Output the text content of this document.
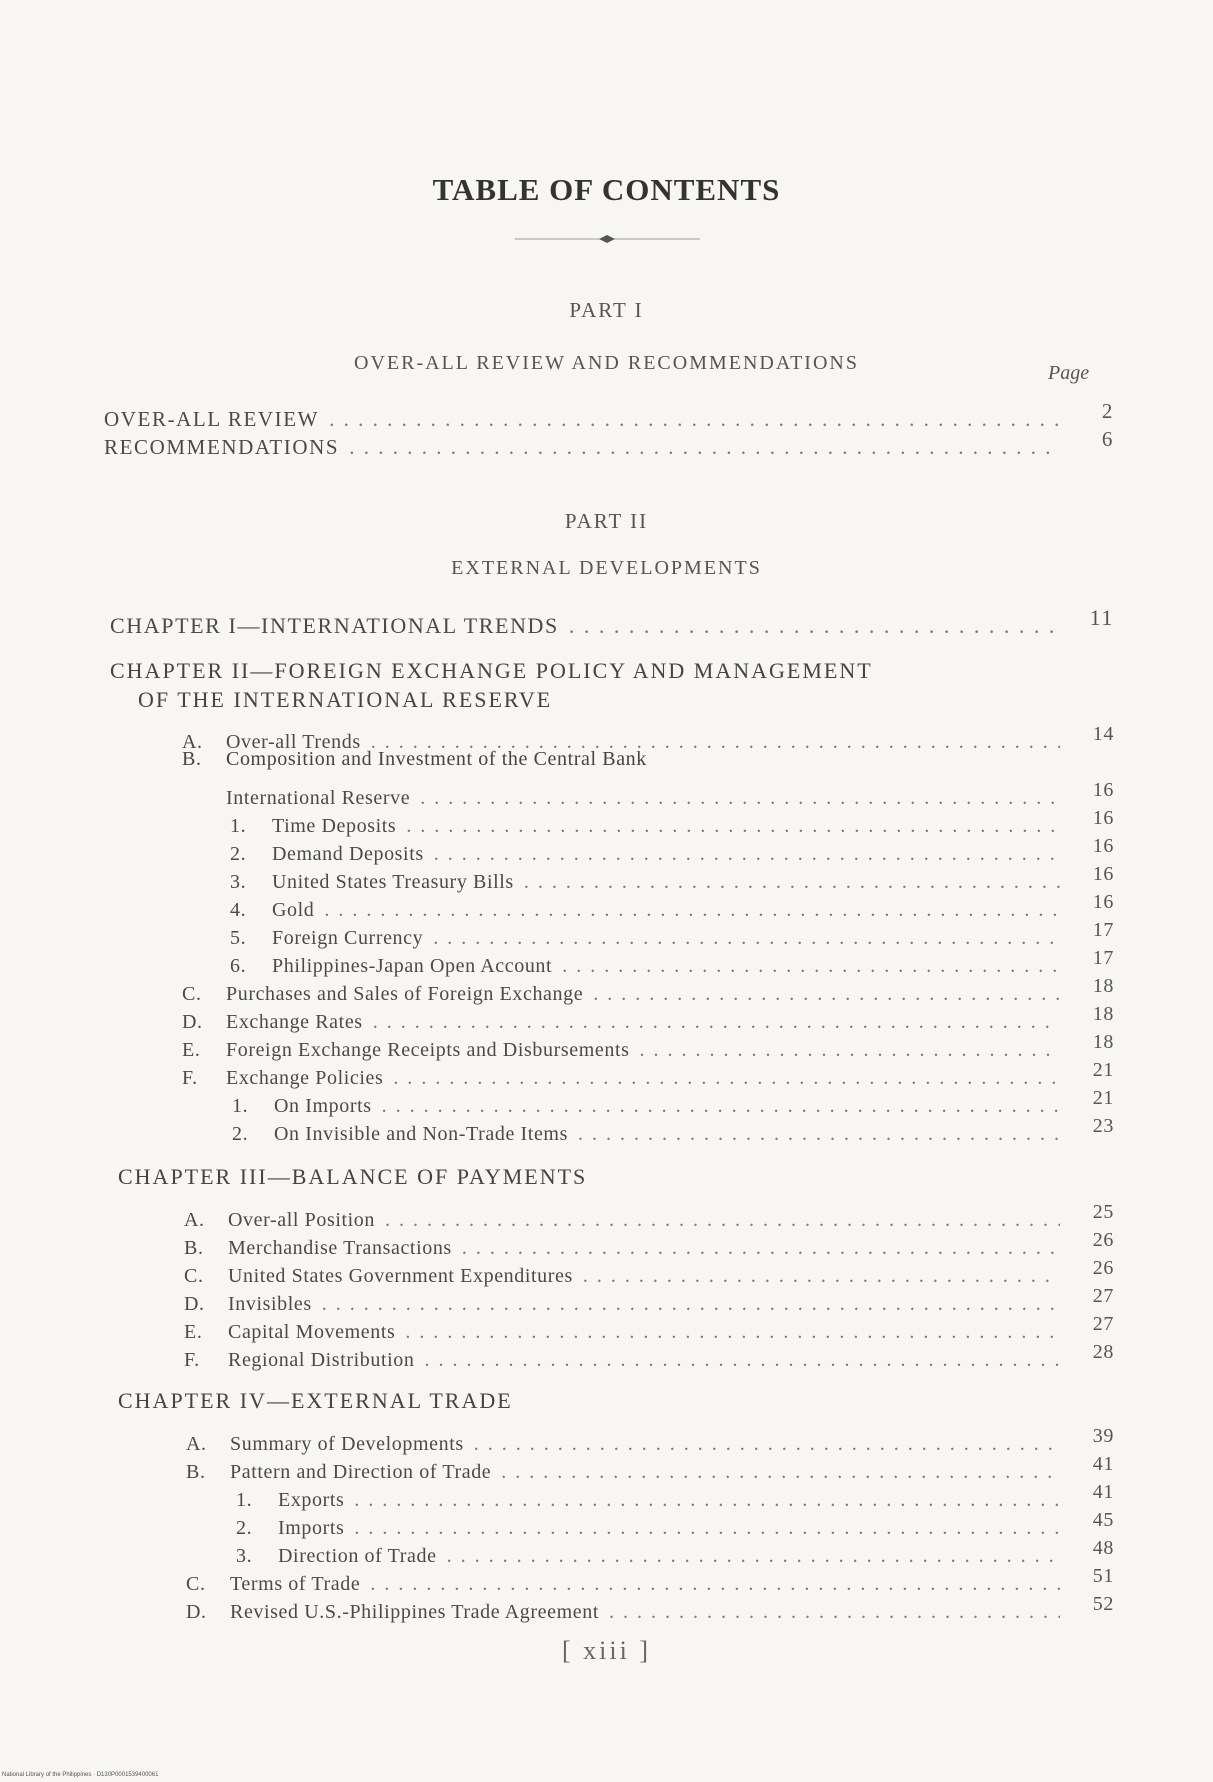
TABLE OF CONTENTS
PART I
OVER-ALL REVIEW AND RECOMMENDATIONS	Page
OVER-ALL REVIEW . . .	2
RECOMMENDATIONS . . .	6
PART II
EXTERNAL DEVELOPMENTS
CHAPTER I—INTERNATIONAL TRENDS . . .	11
CHAPTER II—FOREIGN EXCHANGE POLICY AND MANAGEMENT
OF THE INTERNATIONAL RESERVE
A. Over-all Trends . . .	14
B. Composition and Investment of the Central Bank
International Reserve . . .	16
1. Time Deposits . . .	16
2. Demand Deposits . . .	16
3. United States Treasury Bills . . .	16
4. Gold . . .	16
5. Foreign Currency . . .	17
6. Philippines-Japan Open Account . . .	17
C. Purchases and Sales of Foreign Exchange . . .	18
D. Exchange Rates . . .	18
E. Foreign Exchange Receipts and Disbursements . . .	18
F. Exchange Policies . . .	21
1. On Imports . . .	21
2. On Invisible and Non-Trade Items . . .	23
CHAPTER III—BALANCE OF PAYMENTS
A. Over-all Position . . .	25
B. Merchandise Transactions . . .	26
C. United States Government Expenditures . . .	26
D. Invisibles . . .	27
E. Capital Movements . . .	27
F. Regional Distribution . . .	28
CHAPTER IV—EXTERNAL TRADE
A. Summary of Developments . . .	39
B. Pattern and Direction of Trade . . .	41
1. Exports . . .	41
2. Imports . . .	45
3. Direction of Trade . . .	48
C. Terms of Trade . . .	51
D. Revised U.S.-Philippines Trade Agreement . . .	52
[ xiii ]
National Library of the Philippines · D130P0001539400061
